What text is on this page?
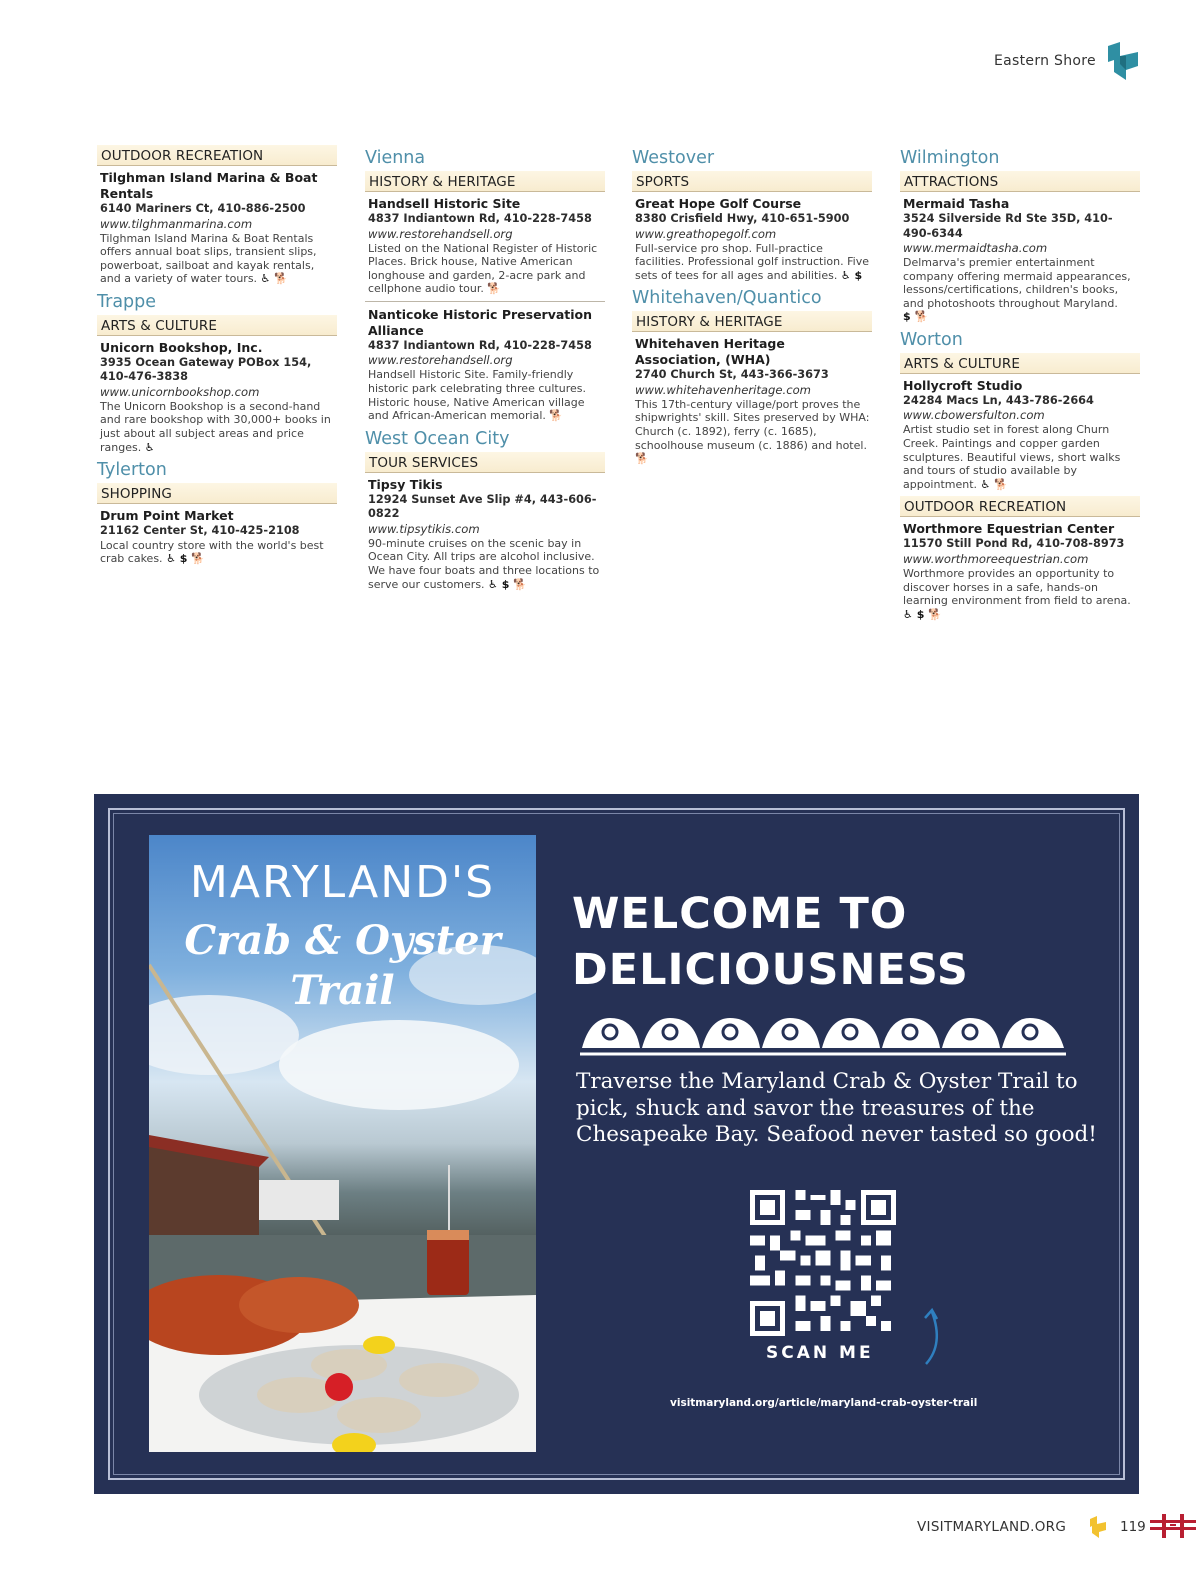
Eastern Shore
OUTDOOR RECREATION
Tilghman Island Marina & Boat Rentals
6140 Mariners Ct, 410-886-2500
www.tilghmanmarina.com
Tilghman Island Marina & Boat Rentals offers annual boat slips, transient slips, powerboat, sailboat and kayak rentals, and a variety of water tours. ♿ 🐕
Trappe
ARTS & CULTURE
Unicorn Bookshop, Inc.
3935 Ocean Gateway POBox 154, 410-476-3838
www.unicornbookshop.com
The Unicorn Bookshop is a second-hand and rare bookshop with 30,000+ books in just about all subject areas and price ranges. ♿
Tylerton
SHOPPING
Drum Point Market
21162 Center St, 410-425-2108
Local country store with the world's best crab cakes. ♿ $ 🐕
Vienna
HISTORY & HERITAGE
Handsell Historic Site
4837 Indiantown Rd, 410-228-7458
www.restorehandsell.org
Listed on the National Register of Historic Places. Brick house, Native American longhouse and garden, 2-acre park and cellphone audio tour. 🐕
Nanticoke Historic Preservation Alliance
4837 Indiantown Rd, 410-228-7458
www.restorehandsell.org
Handsell Historic Site. Family-friendly historic park celebrating three cultures. Historic house, Native American village and African-American memorial. 🐕
West Ocean City
TOUR SERVICES
Tipsy Tikis
12924 Sunset Ave Slip #4, 443-606-0822
www.tipsytikis.com
90-minute cruises on the scenic bay in Ocean City. All trips are alcohol inclusive. We have four boats and three locations to serve our customers. ♿ $ 🐕
Westover
SPORTS
Great Hope Golf Course
8380 Crisfield Hwy, 410-651-5900
www.greathopegolf.com
Full-service pro shop. Full-practice facilities. Professional golf instruction. Five sets of tees for all ages and abilities. ♿ $
Whitehaven/Quantico
HISTORY & HERITAGE
Whitehaven Heritage Association, (WHA)
2740 Church St, 443-366-3673
www.whitehavenheritage.com
This 17th-century village/port proves the shipwrights' skill. Sites preserved by WHA: Church (c. 1892), ferry (c. 1685), schoolhouse museum (c. 1886) and hotel. 🐕
Wilmington
ATTRACTIONS
Mermaid Tasha
3524 Silverside Rd Ste 35D, 410-490-6344
www.mermaidtasha.com
Delmarva's premier entertainment company offering mermaid appearances, lessons/certifications, children's books, and photoshoots throughout Maryland. $ 🐕
Worton
ARTS & CULTURE
Hollycroft Studio
24284 Macs Ln, 443-786-2664
www.cbowersfulton.com
Artist studio set in forest along Churn Creek. Paintings and copper garden sculptures. Beautiful views, short walks and tours of studio available by appointment. ♿ 🐕
OUTDOOR RECREATION
Worthmore Equestrian Center
11570 Still Pond Rd, 410-708-8973
www.worthmoreequestrian.com
Worthmore provides an opportunity to discover horses in a safe, hands-on learning environment from field to arena. ♿ $ 🐕
MARYLAND'S
Crab & Oyster
Trail
WELCOME TO
DELICIOUSNESS
Traverse the Maryland Crab & Oyster Trail to pick, shuck and savor the treasures of the Chesapeake Bay. Seafood never tasted so good!
SCAN ME
visitmaryland.org/article/maryland-crab-oyster-trail
VISITMARYLAND.ORG	119
